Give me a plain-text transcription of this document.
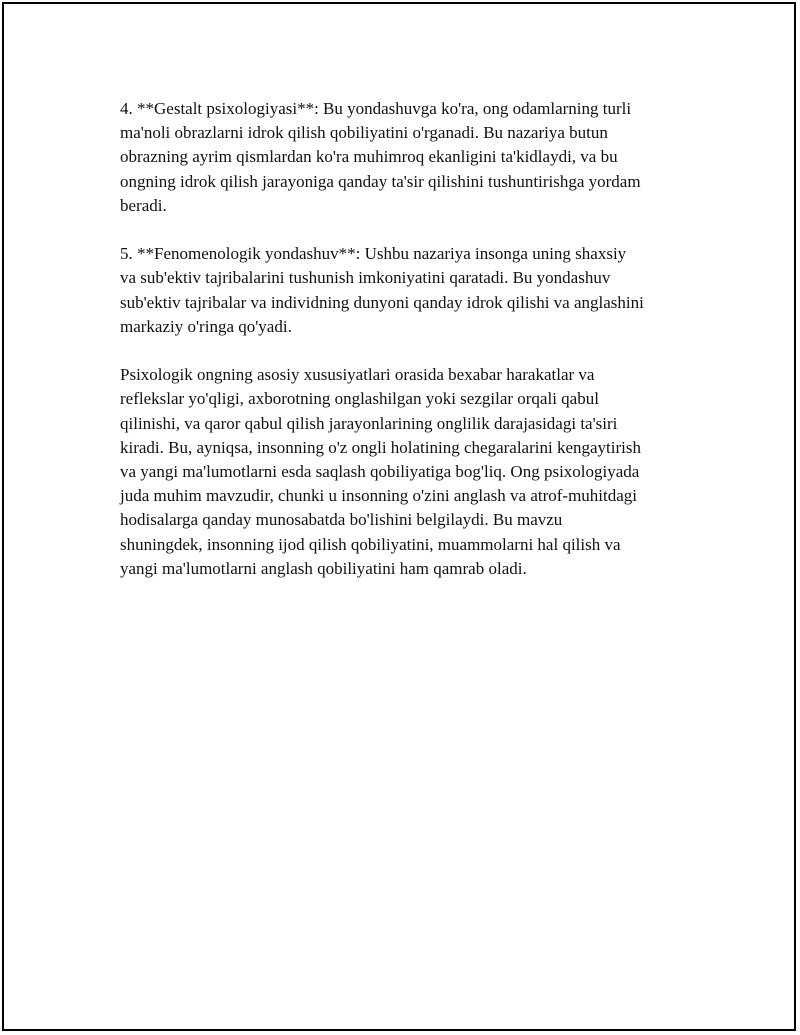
4. **Gestalt psixologiyasi**: Bu yondashuvga ko'ra, ong odamlarning turli
ma'noli obrazlarni idrok qilish qobiliyatini o'rganadi. Bu nazariya butun
obrazning ayrim qismlardan ko'ra muhimroq ekanligini ta'kidlaydi, va bu
ongning idrok qilish jarayoniga qanday ta'sir qilishini tushuntirishga yordam
beradi.

5. **Fenomenologik yondashuv**: Ushbu nazariya insonga uning shaxsiy
va sub'ektiv tajribalarini tushunish imkoniyatini qaratadi. Bu yondashuv
sub'ektiv tajribalar va individning dunyoni qanday idrok qilishi va anglashini
markaziy o'ringa qo'yadi.

Psixologik ongning asosiy xususiyatlari orasida bexabar harakatlar va
reflekslar yo'qligi, axborotning onglashilgan yoki sezgilar orqali qabul
qilinishi, va qaror qabul qilish jarayonlarining onglilik darajasidagi ta'siri
kiradi. Bu, ayniqsa, insonning o'z ongli holatining chegaralarini kengaytirish
va yangi ma'lumotlarni esda saqlash qobiliyatiga bog'liq. Ong psixologiyada
juda muhim mavzudir, chunki u insonning o'zini anglash va atrof-muhitdagi
hodisalarga qanday munosabatda bo'lishini belgilaydi. Bu mavzu
shuningdek, insonning ijod qilish qobiliyatini, muammolarni hal qilish va
yangi ma'lumotlarni anglash qobiliyatini ham qamrab oladi.
